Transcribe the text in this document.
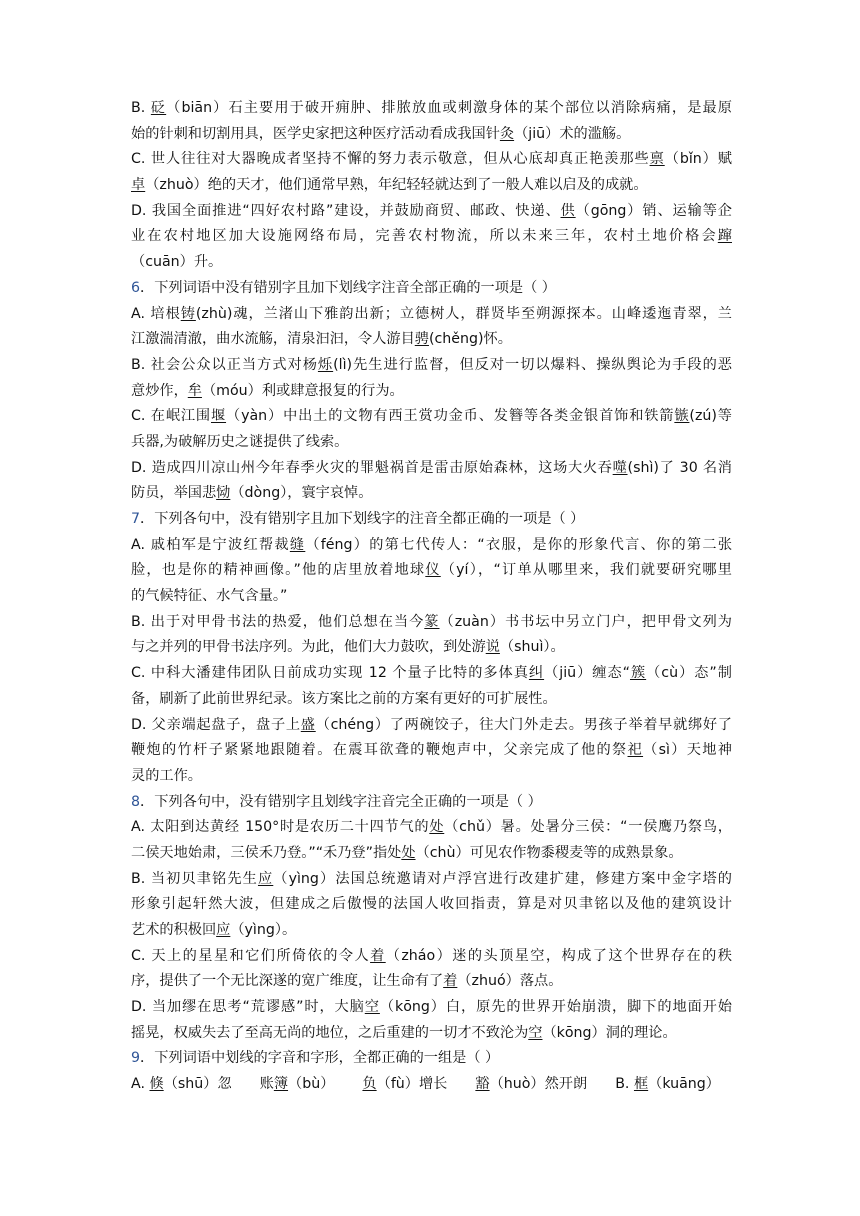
B. 砭（biān）石主要用于破开痈肿、排脓放血或刺激身体的某个部位以消除病痛，是最原
始的针刺和切割用具，医学史家把这种医疗活动看成我国针灸（jiū）术的滥觞。
C. 世人往往对大器晚成者坚持不懈的努力表示敬意，但从心底却真正艳羡那些禀（bǐn）赋
卓（zhuò）绝的天才，他们通常早熟，年纪轻轻就达到了一般人难以启及的成就。
D. 我国全面推进“四好农村路”建设，并鼓励商贸、邮政、快递、供（gōng）销、运输等企
业在农村地区加大设施网络布局，完善农村物流，所以未来三年，农村土地价格会蹿
（cuān）升。
6．下列词语中没有错别字且加下划线字注音全部正确的一项是（ ）
A. 培根铸(zhù)魂，兰渚山下雅韵出新；立德树人，群贤毕至朔源探本。山峰逶迤青翠，兰
江激湍清澈，曲水流觞，清泉汩汩，令人游目骋(chěng)怀。
B. 社会公众以正当方式对杨烁(lì)先生进行监督，但反对一切以爆料、操纵舆论为手段的恶
意炒作，牟（móu）利或肆意报复的行为。
C. 在岷江围堰（yàn）中出土的文物有西王赏功金币、发簪等各类金银首饰和铁箭镞(zú)等
兵器,为破解历史之谜提供了线索。
D. 造成四川凉山州今年春季火灾的罪魁祸首是雷击原始森林，这场大火吞噬(shì)了 30 名消
防员，举国悲恸（dòng），寰宇哀悼。
7．下列各句中，没有错别字且加下划线字的注音全都正确的一项是（ ）
A. 戚柏军是宁波红帮裁缝（féng）的第七代传人：“衣服，是你的形象代言、你的第二张
脸，也是你的精神画像。”他的店里放着地球仪（yí），“订单从哪里来，我们就要研究哪里
的气候特征、水气含量。”
B. 出于对甲骨书法的热爱，他们总想在当今篆（zuàn）书书坛中另立门户，把甲骨文列为
与之并列的甲骨书法序列。为此，他们大力鼓吹，到处游说（shuì）。
C. 中科大潘建伟团队日前成功实现 12 个量子比特的多体真纠（jiū）缠态“簇（cù）态”制
备，刷新了此前世界纪录。该方案比之前的方案有更好的可扩展性。
D. 父亲端起盘子，盘子上盛（chéng）了两碗饺子，往大门外走去。男孩子举着早就绑好了
鞭炮的竹杆子紧紧地跟随着。在震耳欲聋的鞭炮声中，父亲完成了他的祭祀（sì）天地神
灵的工作。
8．下列各句中，没有错别字且划线字注音完全正确的一项是（ ）
A. 太阳到达黄经 150°时是农历二十四节气的处（chǔ）暑。处暑分三侯：“一侯鹰乃祭鸟，
二侯天地始肃，三侯禾乃登。”“禾乃登”指处处（chù）可见农作物黍稷麦等的成熟景象。
B. 当初贝聿铭先生应（yìng）法国总统邀请对卢浮宫进行改建扩建，修建方案中金字塔的
形象引起轩然大波，但建成之后傲慢的法国人收回指责，算是对贝聿铭以及他的建筑设计
艺术的积极回应（yìng）。
C. 天上的星星和它们所倚依的令人着（zháo）迷的头顶星空，构成了这个世界存在的秩
序，提供了一个无比深遂的宽广维度，让生命有了着（zhuó）落点。
D. 当加缪在思考“荒谬感”时，大脑空（kōng）白，原先的世界开始崩溃，脚下的地面开始
摇晃，权威失去了至高无尚的地位，之后重建的一切才不致沦为空（kōng）洞的理论。
9．下列词语中划线的字音和字形，全都正确的一组是（ ）
A. 倏（shū）忽 账簿（bù） 负（fù）增长 豁（huò）然开朗 B. 框（kuāng）
